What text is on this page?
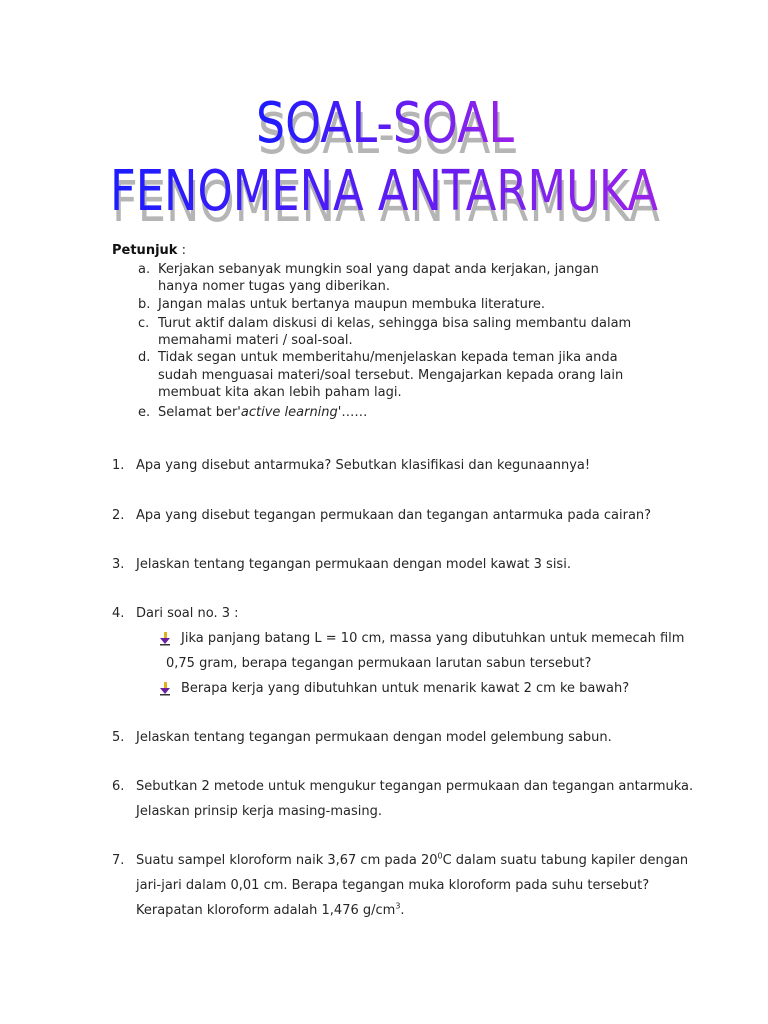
SOAL-SOAL
FENOMENA ANTARMUKA
Petunjuk :
a. Kerjakan sebanyak mungkin soal yang dapat anda kerjakan, jangan
hanya nomer tugas yang diberikan.
b. Jangan malas untuk bertanya maupun membuka literature.
c. Turut aktif dalam diskusi di kelas, sehingga bisa saling membantu dalam
memahami materi / soal-soal.
d. Tidak segan untuk memberitahu/menjelaskan kepada teman jika anda
sudah menguasai materi/soal tersebut. Mengajarkan kepada orang lain
membuat kita akan lebih paham lagi.
e. Selamat ber'active learning'……
1. Apa yang disebut antarmuka? Sebutkan klasifikasi dan kegunaannya!
2. Apa yang disebut tegangan permukaan dan tegangan antarmuka pada cairan?
3. Jelaskan tentang tegangan permukaan dengan model kawat 3 sisi.
4. Dari soal no. 3 :
Jika panjang batang L = 10 cm, massa yang dibutuhkan untuk memecah film
0,75 gram, berapa tegangan permukaan larutan sabun tersebut?
Berapa kerja yang dibutuhkan untuk menarik kawat 2 cm ke bawah?
5. Jelaskan tentang tegangan permukaan dengan model gelembung sabun.
6. Sebutkan 2 metode untuk mengukur tegangan permukaan dan tegangan antarmuka.
Jelaskan prinsip kerja masing-masing.
7. Suatu sampel kloroform naik 3,67 cm pada $20^0C$ dalam suatu tabung kapiler dengan
jari-jari dalam 0,01 cm. Berapa tegangan muka kloroform pada suhu tersebut?
Kerapatan kloroform adalah 1,476 $g/cm^3$.
